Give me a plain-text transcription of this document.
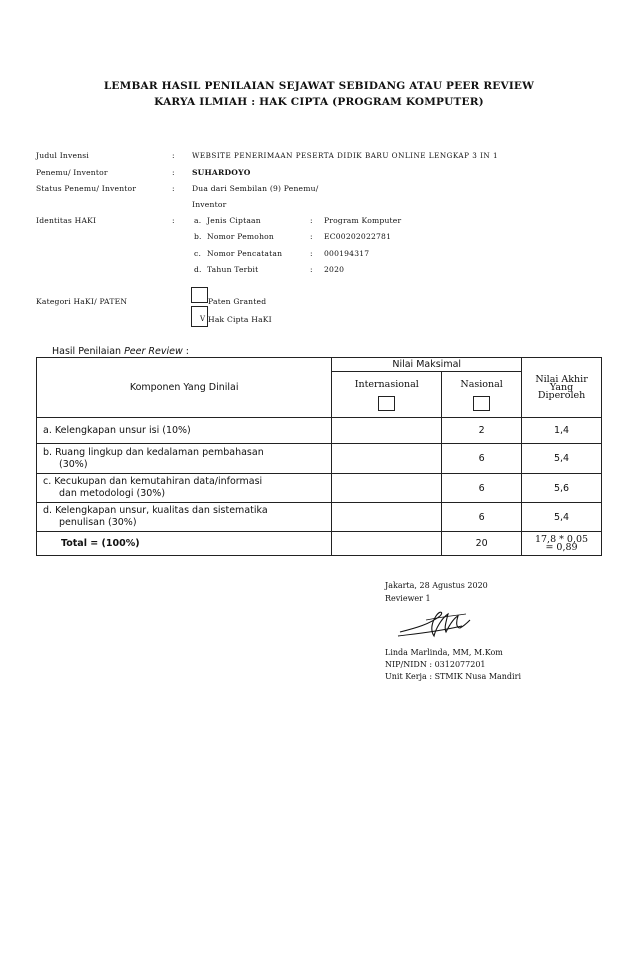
LEMBAR HASIL PENILAIAN SEJAWAT SEBIDANG ATAU PEER REVIEW
KARYA ILMIAH : HAK CIPTA (PROGRAM KOMPUTER)
Judul Invensi	: WEBSITE PENERIMAAN PESERTA DIDIK BARU ONLINE LENGKAP 3 IN 1
Penemu/ Inventor	: SUHARDOYO
Status Penemu/ Inventor	: Dua dari Sembilan (9) Penemu/
Inventor
Identitas HAKI	:	a. Jenis Ciptaan	: Program Komputer
b. Nomor Pemohon	: EC00202022781
c. Nomor Pencatatan	: 000194317
d. Tahun Terbit	: 2020
Kategori HaKI/ PATEN	Paten Granted
V Hak Cipta HaKI
Hasil Penilaian Peer Review :
Komponen Yang Dinilai	Nilai Maksimal		Nilai Akhir
Yang
Diperoleh

	Internasional	Nasional	

a. Kelengkapan unsur isi (10%)		2	1,4
b. Ruang lingkup dan kedalaman pembahasan
(30%)		6	5,4
c. Kecukupan dan kemutahiran data/informasi
dan metodologi (30%)		6	5,6
d. Kelengkapan unsur, kualitas dan sistematika
penulisan (30%)		6	5,4
Total = (100%)		20	17,8 * 0,05
= 0,89
Jakarta, 28 Agustus 2020
Reviewer 1
Linda Marlinda, MM, M.Kom
NIP/NIDN : 0312077201
Unit Kerja : STMIK Nusa Mandiri
